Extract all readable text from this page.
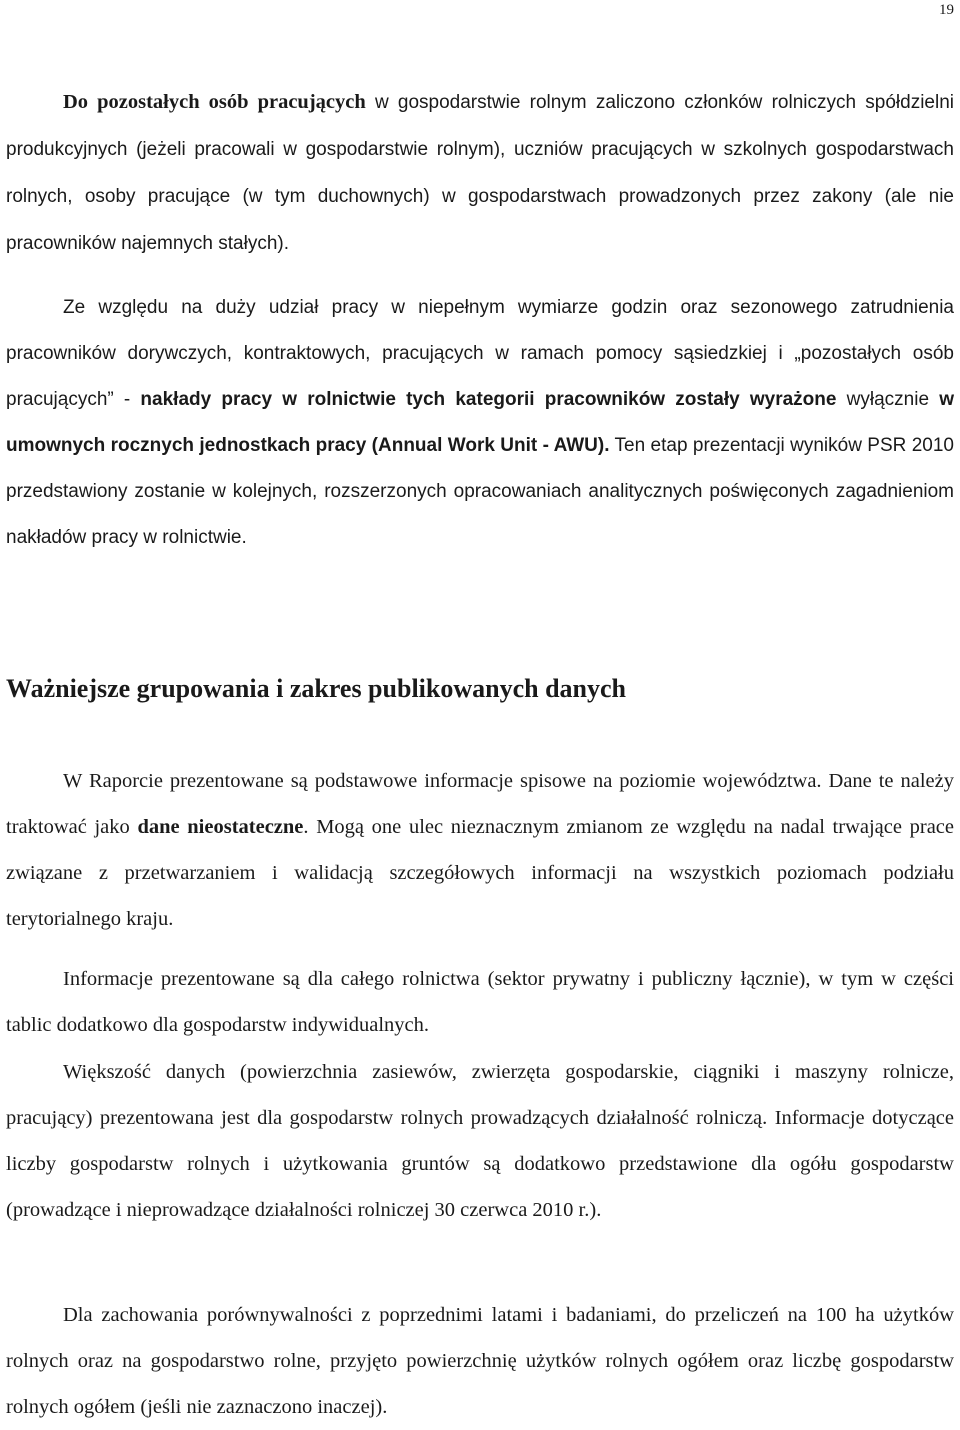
19

Do pozostałych osób pracujących w gospodarstwie rolnym zaliczono członków rolniczych spółdzielni produkcyjnych (jeżeli pracowali w gospodarstwie rolnym), uczniów pracujących w szkolnych gospodarstwach rolnych, osoby pracujące (w tym duchownych) w gospodarstwach prowadzonych przez zakony (ale nie pracowników najemnych stałych).

Ze względu na duży udział pracy w niepełnym wymiarze godzin oraz sezonowego zatrudnienia pracowników dorywczych, kontraktowych, pracujących w ramach pomocy sąsiedzkiej i „pozostałych osób pracujących” - nakłady pracy w rolnictwie tych kategorii pracowników zostały wyrażone wyłącznie w umownych rocznych jednostkach pracy (Annual Work Unit - AWU). Ten etap prezentacji wyników PSR 2010 przedstawiony zostanie w kolejnych, rozszerzonych opracowaniach analitycznych poświęconych zagadnieniom nakładów pracy w rolnictwie.

Ważniejsze grupowania i zakres publikowanych danych

W Raporcie prezentowane są podstawowe informacje spisowe na poziomie województwa. Dane te należy traktować jako dane nieostateczne. Mogą one ulec nieznacznym zmianom ze względu na nadal trwające prace związane z przetwarzaniem i walidacją szczegółowych informacji na wszystkich poziomach podziału terytorialnego kraju.

Informacje prezentowane są dla całego rolnictwa (sektor prywatny i publiczny łącznie), w tym w części tablic dodatkowo dla gospodarstw indywidualnych.

Większość danych (powierzchnia zasiewów, zwierzęta gospodarskie, ciągniki i maszyny rolnicze, pracujący) prezentowana jest dla gospodarstw rolnych prowadzących działalność rolniczą. Informacje dotyczące liczby gospodarstw rolnych i użytkowania gruntów są dodatkowo przedstawione dla ogółu gospodarstw (prowadzące i nieprowadzące działalności rolniczej 30 czerwca 2010 r.).

Dla zachowania porównywalności z poprzednimi latami i badaniami, do przeliczeń na 100 ha użytków rolnych oraz na gospodarstwo rolne, przyjęto powierzchnię użytków rolnych ogółem oraz liczbę gospodarstw rolnych ogółem (jeśli nie zaznaczono inaczej).
